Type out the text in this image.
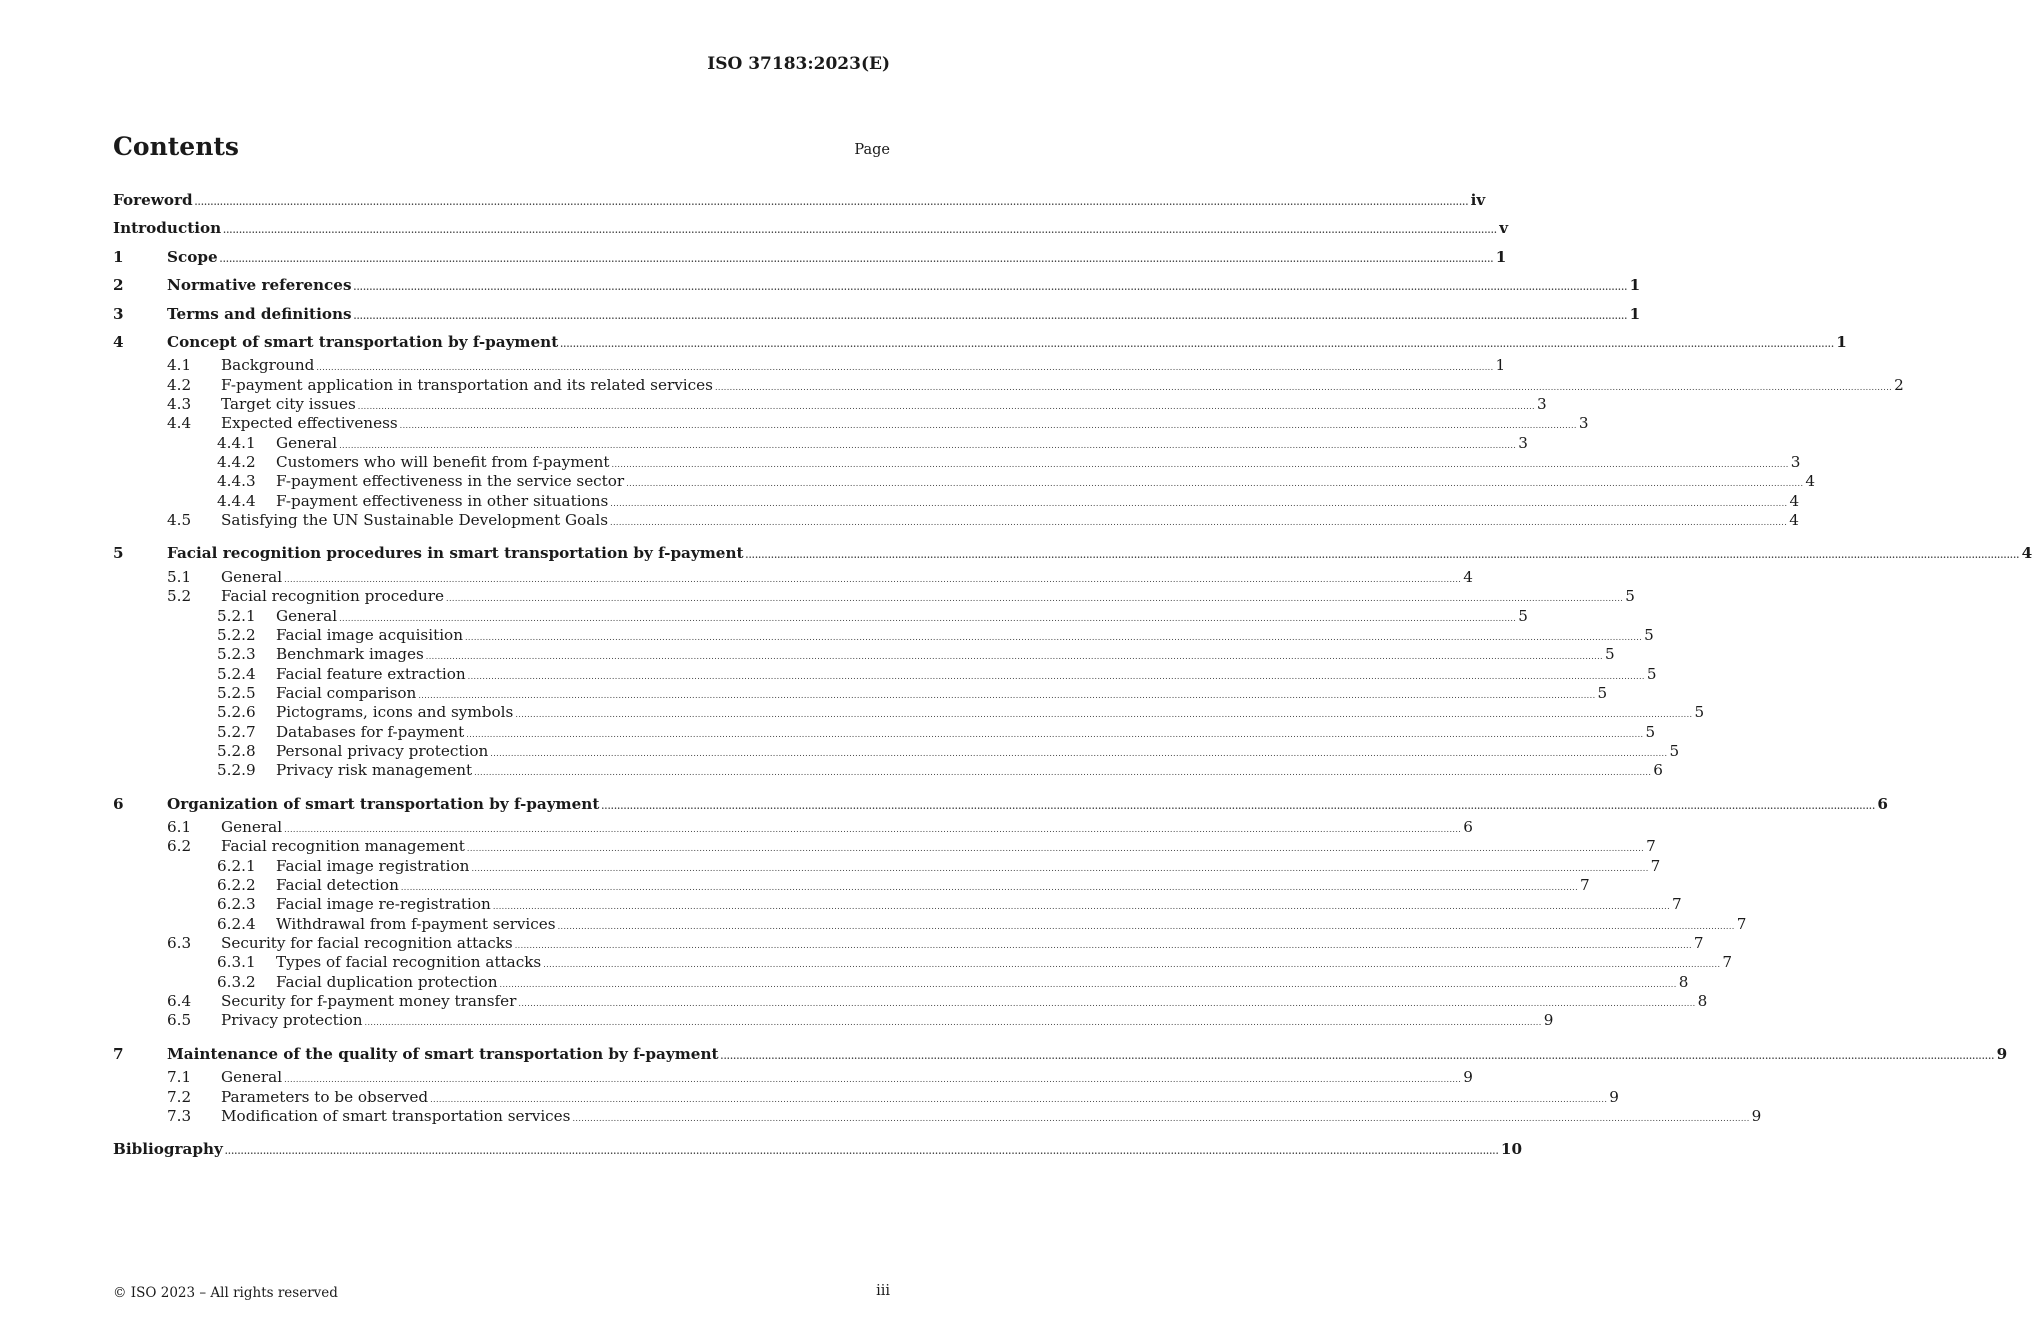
ISO 37183:2023(E)
Contents	Page
Foreword ................................................................................................................................................................................................................................................................................................................................................................................................................ iv
Introduction ................................................................................................................................................................................................................................................................................................................................................................................................................ v
1	Scope ................................................................................................................................................................................................................................................................................................................................................................................................................ 1
2	Normative references ................................................................................................................................................................................................................................................................................................................................................................................................................ 1
3	Terms and definitions ................................................................................................................................................................................................................................................................................................................................................................................................................ 1
4	Concept of smart transportation by f-payment ................................................................................................................................................................................................................................................................................................................................................................................................................ 1
4.1	Background ................................................................................................................................................................................................................................................................................................................................................................................................................ 1
4.2	F-payment application in transportation and its related services ................................................................................................................................................................................................................................................................................................................................................................................................................ 2
4.3	Target city issues ................................................................................................................................................................................................................................................................................................................................................................................................................ 3
4.4	Expected effectiveness ................................................................................................................................................................................................................................................................................................................................................................................................................ 3
4.4.1	General ................................................................................................................................................................................................................................................................................................................................................................................................................ 3
4.4.2	Customers who will benefit from f-payment ................................................................................................................................................................................................................................................................................................................................................................................................................ 3
4.4.3	F-payment effectiveness in the service sector ................................................................................................................................................................................................................................................................................................................................................................................................................ 4
4.4.4	F-payment effectiveness in other situations ................................................................................................................................................................................................................................................................................................................................................................................................................ 4
4.5	Satisfying the UN Sustainable Development Goals ................................................................................................................................................................................................................................................................................................................................................................................................................ 4
5	Facial recognition procedures in smart transportation by f-payment ................................................................................................................................................................................................................................................................................................................................................................................................................ 4
5.1	General ................................................................................................................................................................................................................................................................................................................................................................................................................ 4
5.2	Facial recognition procedure ................................................................................................................................................................................................................................................................................................................................................................................................................ 5
5.2.1	General ................................................................................................................................................................................................................................................................................................................................................................................................................ 5
5.2.2	Facial image acquisition ................................................................................................................................................................................................................................................................................................................................................................................................................ 5
5.2.3	Benchmark images ................................................................................................................................................................................................................................................................................................................................................................................................................ 5
5.2.4	Facial feature extraction ................................................................................................................................................................................................................................................................................................................................................................................................................ 5
5.2.5	Facial comparison ................................................................................................................................................................................................................................................................................................................................................................................................................ 5
5.2.6	Pictograms, icons and symbols ................................................................................................................................................................................................................................................................................................................................................................................................................ 5
5.2.7	Databases for f-payment ................................................................................................................................................................................................................................................................................................................................................................................................................ 5
5.2.8	Personal privacy protection ................................................................................................................................................................................................................................................................................................................................................................................................................ 5
5.2.9	Privacy risk management ................................................................................................................................................................................................................................................................................................................................................................................................................ 6
6	Organization of smart transportation by f-payment ................................................................................................................................................................................................................................................................................................................................................................................................................ 6
6.1	General ................................................................................................................................................................................................................................................................................................................................................................................................................ 6
6.2	Facial recognition management ................................................................................................................................................................................................................................................................................................................................................................................................................ 7
6.2.1	Facial image registration ................................................................................................................................................................................................................................................................................................................................................................................................................ 7
6.2.2	Facial detection ................................................................................................................................................................................................................................................................................................................................................................................................................ 7
6.2.3	Facial image re-registration ................................................................................................................................................................................................................................................................................................................................................................................................................ 7
6.2.4	Withdrawal from f-payment services ................................................................................................................................................................................................................................................................................................................................................................................................................ 7
6.3	Security for facial recognition attacks ................................................................................................................................................................................................................................................................................................................................................................................................................ 7
6.3.1	Types of facial recognition attacks ................................................................................................................................................................................................................................................................................................................................................................................................................ 7
6.3.2	Facial duplication protection ................................................................................................................................................................................................................................................................................................................................................................................................................ 8
6.4	Security for f-payment money transfer ................................................................................................................................................................................................................................................................................................................................................................................................................ 8
6.5	Privacy protection ................................................................................................................................................................................................................................................................................................................................................................................................................ 9
7	Maintenance of the quality of smart transportation by f-payment ................................................................................................................................................................................................................................................................................................................................................................................................................ 9
7.1	General ................................................................................................................................................................................................................................................................................................................................................................................................................ 9
7.2	Parameters to be observed ................................................................................................................................................................................................................................................................................................................................................................................................................ 9
7.3	Modification of smart transportation services ................................................................................................................................................................................................................................................................................................................................................................................................................ 9
Bibliography ................................................................................................................................................................................................................................................................................................................................................................................................................ 10
© ISO 2023 – All rights reserved	iii
